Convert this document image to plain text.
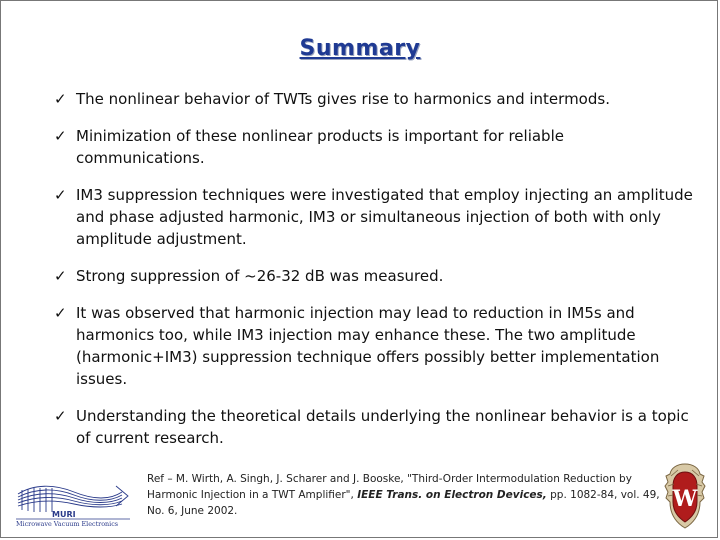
Summary
✓ The nonlinear behavior of TWTs gives rise to harmonics and intermods.
✓ Minimization of these nonlinear products is important for reliable communications.
✓ IM3 suppression techniques were investigated that employ injecting an amplitude and phase adjusted harmonic, IM3 or simultaneous injection of both with only amplitude adjustment.
✓ Strong suppression of ~26-32 dB was measured.
✓ It was observed that harmonic injection may lead to reduction in IM5s and harmonics too, while IM3 injection may enhance these. The two amplitude (harmonic+IM3) suppression technique offers possibly better implementation issues.
✓ Understanding the theoretical details underlying the nonlinear behavior is a topic of current research.
MURI
Microwave Vacuum Electronics
Ref – M. Wirth, A. Singh, J. Scharer and J. Booske, "Third-Order Intermodulation Reduction by Harmonic Injection in a TWT Amplifier", IEEE Trans. on Electron Devices, pp. 1082-84, vol. 49, No. 6, June 2002.	W
